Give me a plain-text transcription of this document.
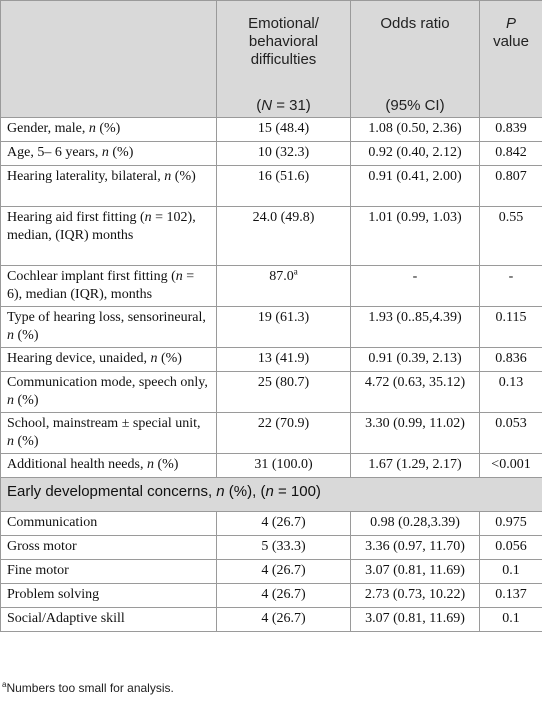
	Emotional/ behavioral difficulties	Odds ratio	P
value
	(N = 31)	(95% CI)	
Gender, male, n (%)	15 (48.4)	1.08 (0.50, 2.36)	0.839
Age, 5– 6 years, n (%)	10 (32.3)	0.92 (0.40, 2.12)	0.842
Hearing laterality, bilateral, n (%)	16 (51.6)	0.91 (0.41, 2.00)	0.807
Hearing aid first fitting (n = 102), median, (IQR) months	24.0 (49.8)	1.01 (0.99, 1.03)	0.55
Cochlear implant first fitting (n = 6), median (IQR), months	87.0$^a$	-	-
Type of hearing loss, sensorineural, n (%)	19 (61.3)	1.93 (0..85,4.39)	0.115
Hearing device, unaided, n (%)	13 (41.9)	0.91 (0.39, 2.13)	0.836
Communication mode, speech only, n (%)	25 (80.7)	4.72 (0.63, 35.12)	0.13
School, mainstream ± special unit, n (%)	22 (70.9)	3.30 (0.99, 11.02)	0.053
Additional health needs, n (%)	31 (100.0)	1.67 (1.29, 2.17)	<0.001
Early developmental concerns, n (%), (n = 100)			
Communication	4 (26.7)	0.98 (0.28,3.39)	0.975
Gross motor	5 (33.3)	3.36 (0.97, 11.70)	0.056
Fine motor	4 (26.7)	3.07 (0.81, 11.69)	0.1
Problem solving	4 (26.7)	2.73 (0.73, 10.22)	0.137
Social/Adaptive skill	4 (26.7)	3.07 (0.81, 11.69)	0.1
$^a$Numbers too small for analysis.
